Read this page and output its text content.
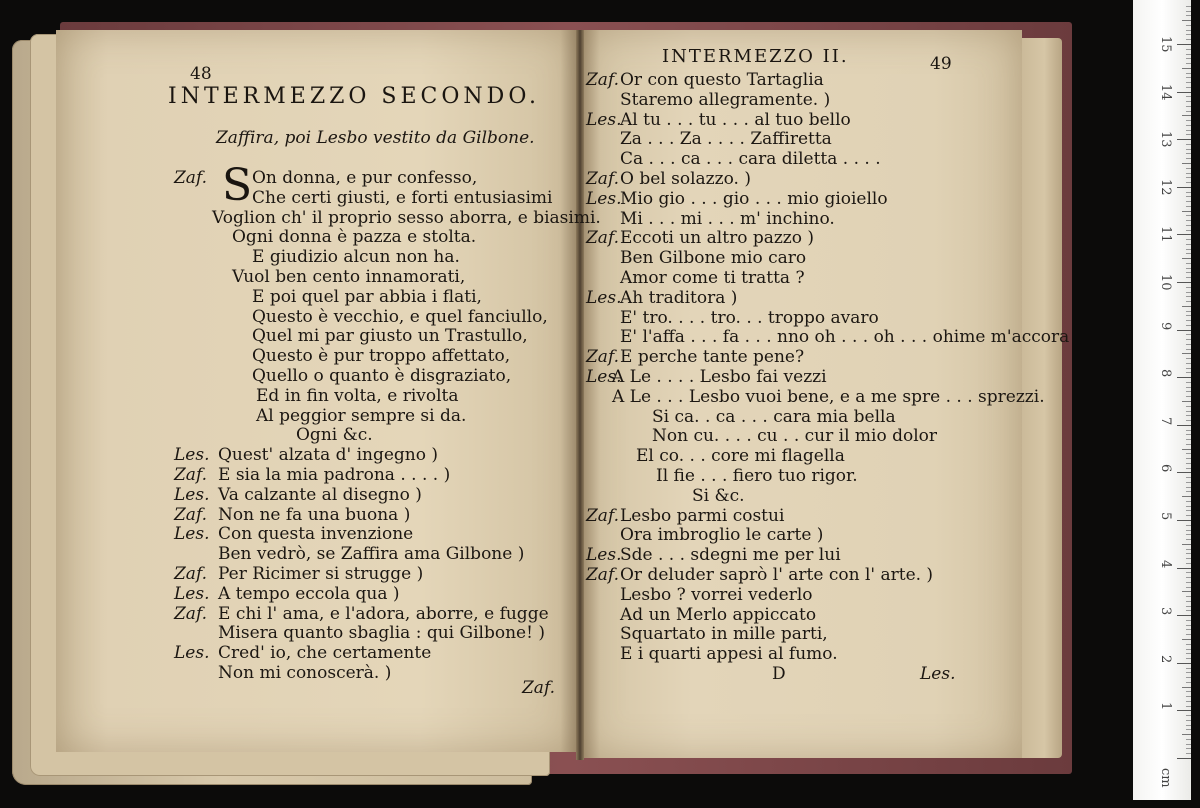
48
INTERMEZZO SECONDO.
Zaffira, poi Lesbo vestito da Gilbone.
S
Zaf.	On donna, e pur confesso,
Che certi giusti, e forti entusiasimi
Voglion ch' il proprio sesso aborra, e biasimi.
Ogni donna è pazza e stolta.
E giudizio alcun non ha.
Vuol ben cento innamorati,
E poi quel par abbia i flati,
Questo è vecchio, e quel fanciullo,
Quel mi par giusto un Trastullo,
Questo è pur troppo affettato,
Quello o quanto è disgraziato,
Ed in fin volta, e rivolta
Al peggior sempre si da.
Ogni &c.
Les. Quest' alzata d' ingegno )
Zaf. E sia la mia padrona . . . . )
Les. Va calzante al disegno )
Zaf. Non ne fa una buona )
Les. Con questa invenzione
Ben vedrò, se Zaffira ama Gilbone )
Zaf. Per Ricimer si strugge )
Les. A tempo eccola qua )
Zaf. E chi l' ama, e l'adora, aborre, e fugge
Misera quanto sbaglia : qui Gilbone! )
Les. Cred' io, che certamente
Non mi conoscerà. )
Zaf.
INTERMEZZO II.	49
Zaf. Or con questo Tartaglia
Staremo allegramente. )
Les.
Al tu . . . tu . . . al tuo bello
Za . . . Za . . . . Zaffiretta
Ca . . . ca . . . cara diletta . . . .
Zaf. O bel solazzo. )
Les.
Mio gio . . . gio . . . mio gioiello
Mi . . . mi . . . m' inchino.
Zaf. Eccoti un altro pazzo )
Ben Gilbone mio caro
Amor come ti tratta ?
Les.
Ah traditora )
E' tro. . . . tro. . . troppo avaro
E' l'affa . . . fa . . . nno oh . . . oh . . . ohime m'accora
Zaf. E perche tante pene?
Les.
A Le . . . . Lesbo fai vezzi
A Le . . . Lesbo vuoi bene, e a me spre . . . sprezzi.
Si ca. . ca . . . cara mia bella
Non cu. . . . cu . . cur il mio dolor
El co. . . core mi flagella
Il fie . . . fiero tuo rigor.
Si &c.
Zaf. Lesbo parmi costui
Ora imbroglio le carte )
Les.
Sde . . . sdegni me per lui
Zaf. Or deluder saprò l' arte con l' arte. )
Lesbo ? vorrei vederlo
Ad un Merlo appiccato
Squartato in mille parti,
E i quarti appesi al fumo.
D	Les.
15
14
13
12
11
10
9
8
7
6
5
4
3
2
1
cm
